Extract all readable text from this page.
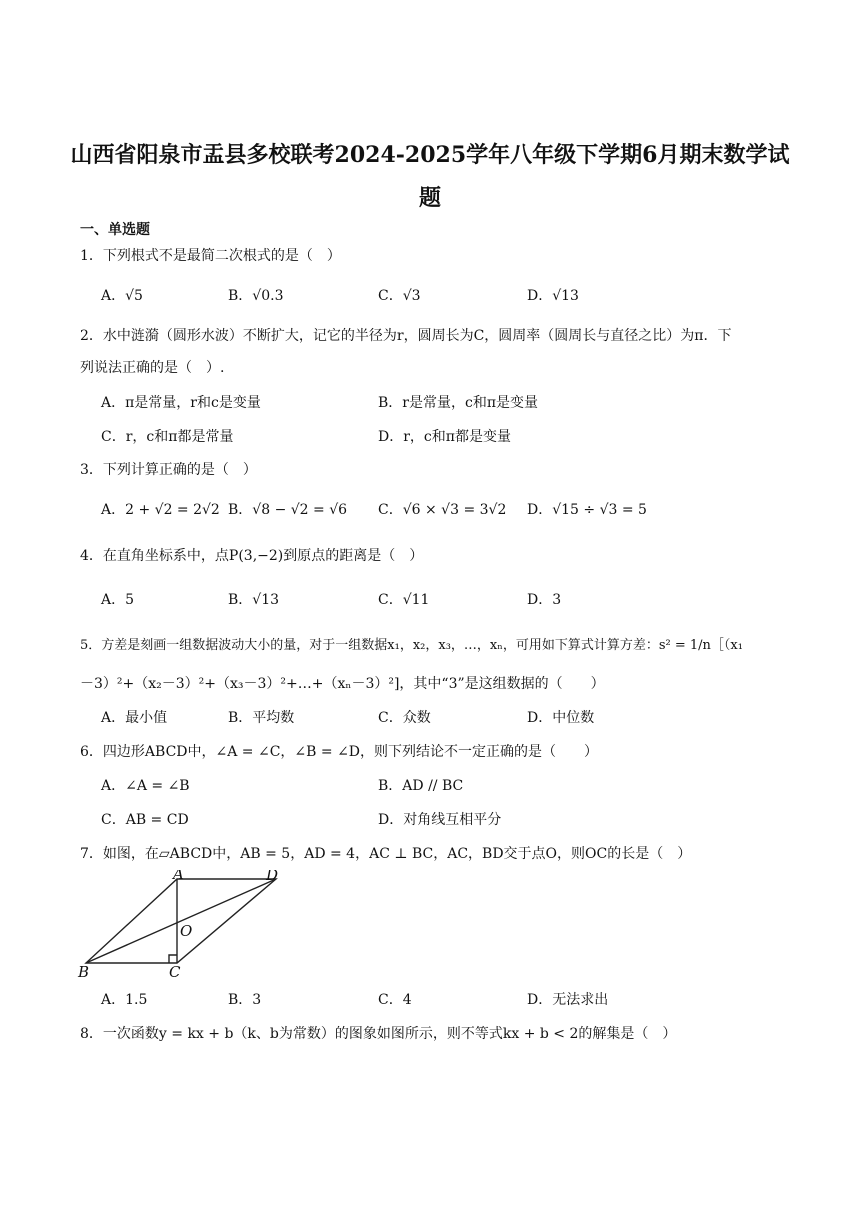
山西省阳泉市盂县多校联考2024-2025学年八年级下学期6月期末数学试
题
一、单选题
1．下列根式不是最简二次根式的是（　）
A．√5	B．√0.3	C．√3	D．√13
2．水中涟漪（圆形水波）不断扩大，记它的半径为r，圆周长为C，圆周率（圆周长与直径之比）为π．下
列说法正确的是（　）.
A．π是常量，r和c是变量	B．r是常量，c和π是变量
C．r，c和π都是常量	D．r，c和π都是变量
3．下列计算正确的是（　）
A．2 + √2 = 2√2 B．√8 − √2 = √6 C．√6 × √3 = 3√2 D．√15 ÷ √3 = 5
4．在直角坐标系中，点P(3,−2)到原点的距离是（　）
A．5	B．√13	C．√11	D．3
5．方差是刻画一组数据波动大小的量，对于一组数据x₁，x₂，x₃，…，xₙ，可用如下算式计算方差：s² = 1/n［（x₁
－3）²+（x₂－3）²+（x₃－3）²+…+（xₙ－3）²]，其中“3”是这组数据的（　　）
A．最小值	B．平均数	C．众数	D．中位数
6．四边形ABCD中，∠A = ∠C，∠B = ∠D，则下列结论不一定正确的是（　　）
A．∠A = ∠B	B．AD // BC
C．AB = CD	D．对角线互相平分
7．如图，在▱ABCD中，AB = 5，AD = 4，AC ⊥ BC，AC，BD交于点O，则OC的长是（　）
A	D
O
B	C
A．1.5	B．3	C．4	D．无法求出
8．一次函数y = kx + b（k、b为常数）的图象如图所示，则不等式kx + b < 2的解集是（　）
